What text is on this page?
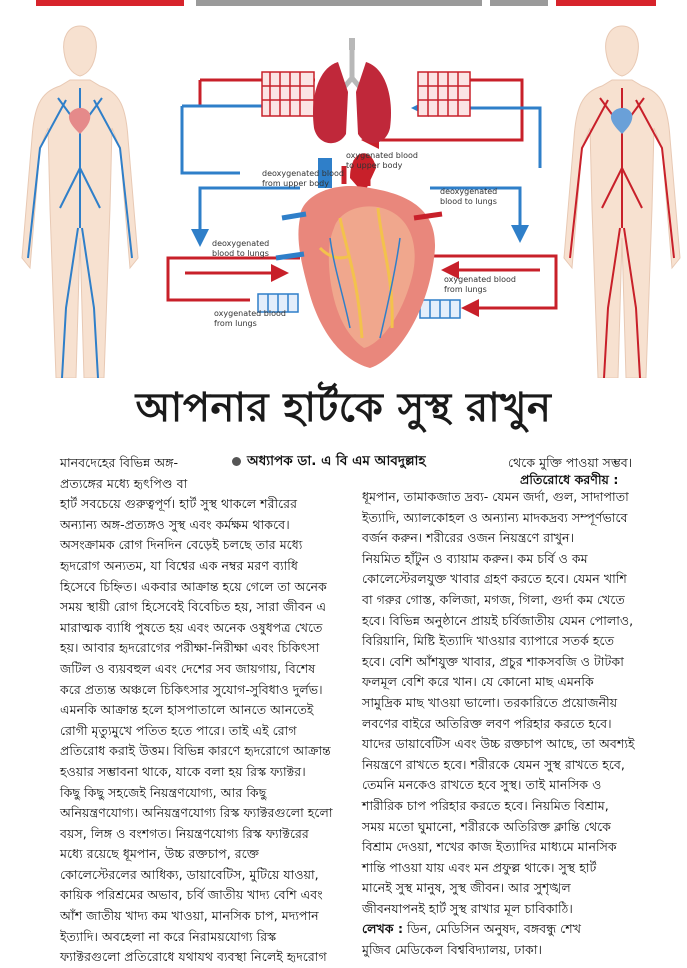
deoxygenated blood
from upper body
oxygenated blood
to upper body
deoxygenated
blood to lungs
deoxygenated
blood to lungs
oxygenated blood
from lungs
oxygenated blood
from lungs
আপনার হার্টকে সুস্থ রাখুন
অধ্যাপক ডা. এ বি এম আবদুল্লাহ

মানবদেহের বিভিন্ন অঙ্গ-

প্রত্যঙ্গের মধ্যে হৃৎপিণ্ড বা

হার্ট সবচেয়ে গুরুত্বপূর্ণ। হার্ট সুস্থ থাকলে শরীরের

অন্যান্য অঙ্গ-প্রত্যঙ্গও সুস্থ এবং কর্মক্ষম থাকবে।

অসংক্রামক রোগ দিনদিন বেড়েই চলছে তার মধ্যে

হৃদরোগ অন্যতম, যা বিশ্বের এক নম্বর মরণ ব্যাধি

হিসেবে চিহ্নিত। একবার আক্রান্ত হয়ে গেলে তা অনেক

সময় স্থায়ী রোগ হিসেবেই বিবেচিত হয়, সারা জীবন এ

মারাত্মক ব্যাধি পুষতে হয় এবং অনেক ওষুধপত্র খেতে

হয়। আবার হৃদরোগের পরীক্ষা-নিরীক্ষা এবং চিকিৎসা

জটিল ও ব্যয়বহুল এবং দেশের সব জায়গায়, বিশেষ

করে প্রত্যন্ত অঞ্চলে চিকিৎসার সুযোগ-সুবিধাও দুর্লভ।

এমনকি আক্রান্ত হলে হাসপাতালে আনতে আনতেই

রোগী মৃত্যুমুখে পতিত হতে পারে। তাই এই রোগ

প্রতিরোধ করাই উত্তম। বিভিন্ন কারণে হৃদরোগে আক্রান্ত

হওয়ার সম্ভাবনা থাকে, যাকে বলা হয় রিস্ক ফ্যাক্টর।

কিছু কিছু সহজেই নিয়ন্ত্রণযোগ্য, আর কিছু

অনিয়ন্ত্রণযোগ্য। অনিয়ন্ত্রণযোগ্য রিস্ক ফ্যাক্টরগুলো হলো

বয়স, লিঙ্গ ও বংশগত। নিয়ন্ত্রণযোগ্য রিস্ক ফ্যাক্টরের

মধ্যে রয়েছে ধূমপান, উচ্চ রক্তচাপ, রক্তে

কোলেস্টেরলের আধিক্য, ডায়াবেটিস, মুটিয়ে যাওয়া,

কায়িক পরিশ্রমের অভাব, চর্বি জাতীয় খাদ্য বেশি এবং

আঁশ জাতীয় খাদ্য কম খাওয়া, মানসিক চাপ, মদ্যপান

ইত্যাদি। অবহেলা না করে নিরাময়যোগ্য রিস্ক

ফ্যাক্টরগুলো প্রতিরোধে যথাযথ ব্যবস্থা নিলেই হৃদরোগ

থেকে মুক্তি পাওয়া সম্ভব।
প্রতিরোধে করণীয় :

ধূমপান, তামাকজাত দ্রব্য- যেমন জর্দা, গুল, সাদাপাতা

ইত্যাদি, অ্যালকোহল ও অন্যান্য মাদকদ্রব্য সম্পূর্ণভাবে

বর্জন করুন। শরীরের ওজন নিয়ন্ত্রণে রাখুন।

নিয়মিত হাঁটুন ও ব্যায়াম করুন। কম চর্বি ও কম

কোলেস্টেরলযুক্ত খাবার গ্রহণ করতে হবে। যেমন খাশি

বা গরুর গোস্ত, কলিজা, মগজ, গিলা, গুর্দা কম খেতে

হবে। বিভিন্ন অনুষ্ঠানে প্রায়ই চর্বিজাতীয় যেমন পোলাও,

বিরিয়ানি, মিষ্টি ইত্যাদি খাওয়ার ব্যাপারে সতর্ক হতে

হবে। বেশি আঁশযুক্ত খাবার, প্রচুর শাকসবজি ও টাটকা

ফলমূল বেশি করে খান। যে কোনো মাছ এমনকি

সামুদ্রিক মাছ খাওয়া ভালো। তরকারিতে প্রয়োজনীয়

লবণের বাইরে অতিরিক্ত লবণ পরিহার করতে হবে।

যাদের ডায়াবেটিস এবং উচ্চ রক্তচাপ আছে, তা অবশ্যই

নিয়ন্ত্রণে রাখতে হবে। শরীরকে যেমন সুস্থ রাখতে হবে,

তেমনি মনকেও রাখতে হবে সুস্থ। তাই মানসিক ও

শারীরিক চাপ পরিহার করতে হবে। নিয়মিত বিশ্রাম,

সময় মতো ঘুমানো, শরীরকে অতিরিক্ত ক্লান্তি থেকে

বিশ্রাম দেওয়া, শখের কাজ ইত্যাদির মাধ্যমে মানসিক

শান্তি পাওয়া যায় এবং মন প্রফুল্ল থাকে। সুস্থ হার্ট

মানেই সুস্থ মানুষ, সুস্থ জীবন। আর সুশৃঙ্খল

জীবনযাপনই হার্ট সুস্থ রাখার মূল চাবিকাঠি।

লেখক : ডিন, মেডিসিন অনুষদ, বঙ্গবন্ধু শেখ

মুজিব মেডিকেল বিশ্ববিদ্যালয়, ঢাকা।
